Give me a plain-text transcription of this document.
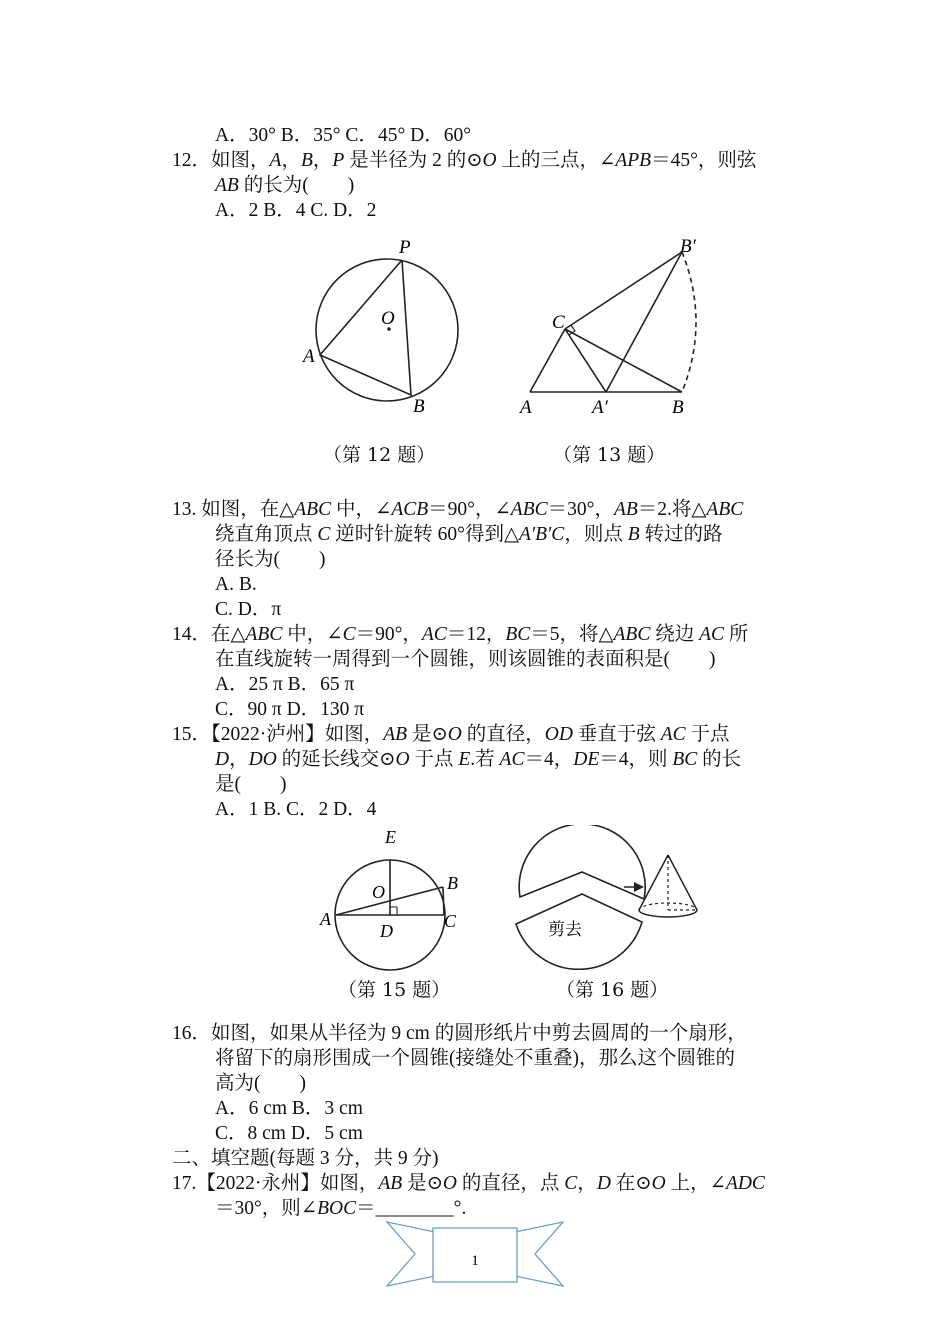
A．30° B．35° C．45° D．60°
12．如图，A，B，P 是半径为 2 的⊙O 上的三点，∠APB＝45°，则弦
AB 的长为(　　)
A．2 B．4 C. D．2
P
O
A
B
B′
C
A	A′	B
（第 12 题）	（第 13 题）
13. 如图，在△ABC 中，∠ACB＝90°，∠ABC＝30°，AB＝2.将△ABC
绕直角顶点 C 逆时针旋转 60°得到△A′B′C，则点 B 转过的路
径长为(　　)
A. B.
C. D．π
14．在△ABC 中，∠C＝90°，AC＝12，BC＝5，将△ABC 绕边 AC 所
在直线旋转一周得到一个圆锥，则该圆锥的表面积是(　　)
A．25 π B．65 π
C．90 π D．130 π
15．【2022·泸州】如图，AB 是⊙O 的直径，OD 垂直于弦 AC 于点
D，DO 的延长线交⊙O 于点 E.若 AC＝4，DE＝4，则 BC 的长
是(　　)
A．1 B. C．2 D．4
E
O	B
A
D	C	剪去
（第 15 题）	（第 16 题）
16．如图，如果从半径为 9 cm 的圆形纸片中剪去圆周的一个扇形，
将留下的扇形围成一个圆锥(接缝处不重叠)，那么这个圆锥的
高为(　　)
A．6 cm B．3 cm
C．8 cm D．5 cm
二、填空题(每题 3 分，共 9 分)
17.【2022·永州】如图，AB 是⊙O 的直径，点 C，D 在⊙O 上，∠ADC
＝30°，则∠BOC＝________°.
1
